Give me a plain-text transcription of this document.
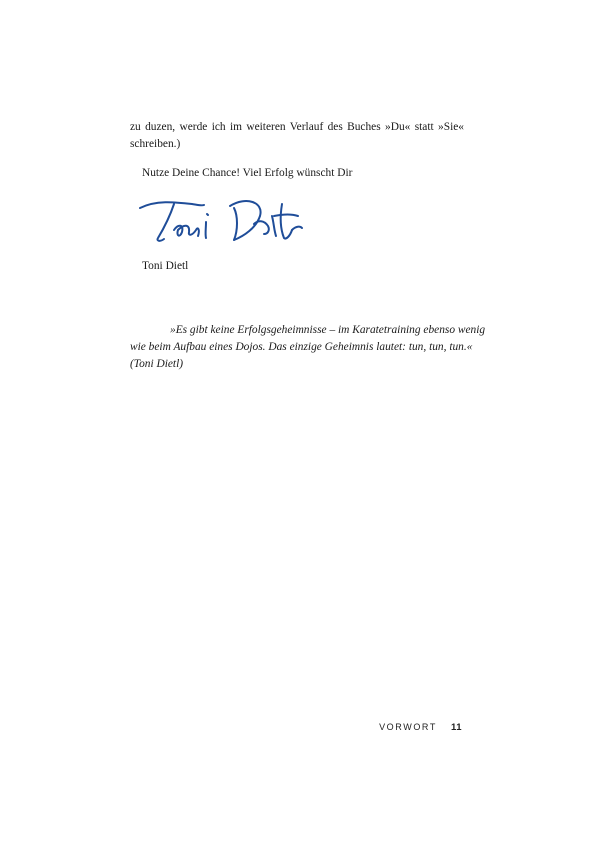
zu duzen, werde ich im weiteren Verlauf des Buches »Du« statt »Sie«
schreiben.)
Nutze Deine Chance! Viel Erfolg wünscht Dir
Toni Dietl
»Es gibt keine Erfolgsgeheimnisse – im Karatetraining ebenso wenig
wie beim Aufbau eines Dojos. Das einzige Geheimnis lautet: tun, tun, tun.«
(Toni Dietl)
VORWORT 11
